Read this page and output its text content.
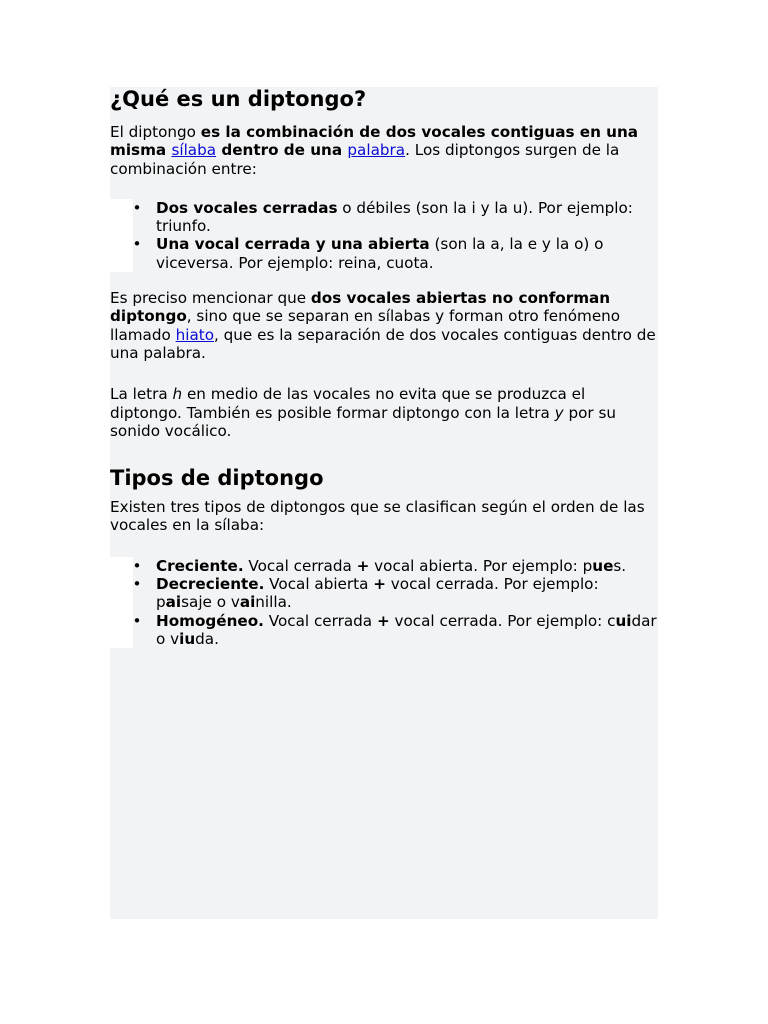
¿Qué es un diptongo?

El diptongo es la combinación de dos vocales contiguas en una misma sílaba dentro de una palabra. Los diptongos surgen de la combinación entre:

• Dos vocales cerradas o débiles (son la i y la u). Por ejemplo: triunfo.
• Una vocal cerrada y una abierta (son la a, la e y la o) o viceversa. Por ejemplo: reina, cuota.

Es preciso mencionar que dos vocales abiertas no conforman diptongo, sino que se separan en sílabas y forman otro fenómeno llamado hiato, que es la separación de dos vocales contiguas dentro de una palabra.

La letra h en medio de las vocales no evita que se produzca el diptongo. También es posible formar diptongo con la letra y por su sonido vocálico.

Tipos de diptongo

Existen tres tipos de diptongos que se clasifican según el orden de las vocales en la sílaba:

• Creciente. Vocal cerrada + vocal abierta. Por ejemplo: pues.
• Decreciente. Vocal abierta + vocal cerrada. Por ejemplo: paisaje o vainilla.
• Homogéneo. Vocal cerrada + vocal cerrada. Por ejemplo: cuidar o viuda.
